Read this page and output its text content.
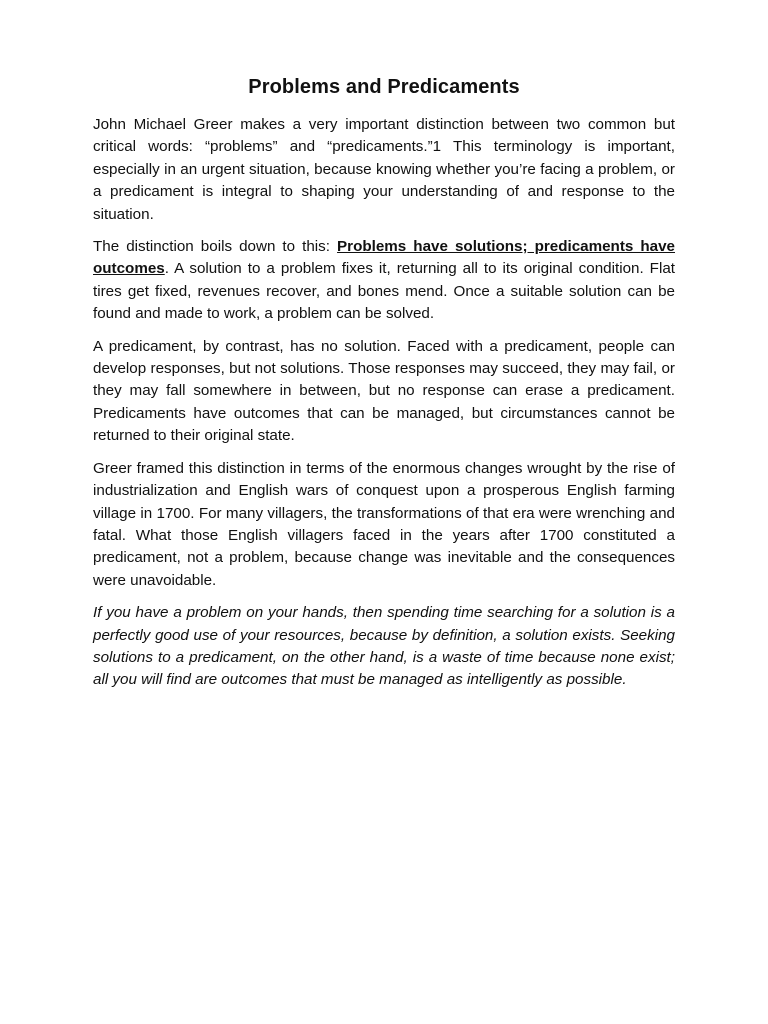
Problems and Predicaments

John Michael Greer makes a very important distinction between two common but critical words: “problems” and “predicaments.”1 This terminology is important, especially in an urgent situation, because knowing whether you’re facing a problem, or a predicament is integral to shaping your understanding of and response to the situation.

The distinction boils down to this: Problems have solutions; predicaments have outcomes. A solution to a problem fixes it, returning all to its original condition. Flat tires get fixed, revenues recover, and bones mend. Once a suitable solution can be found and made to work, a problem can be solved.

A predicament, by contrast, has no solution. Faced with a predicament, people can develop responses, but not solutions. Those responses may succeed, they may fail, or they may fall somewhere in between, but no response can erase a predicament. Predicaments have outcomes that can be managed, but circumstances cannot be returned to their original state.

Greer framed this distinction in terms of the enormous changes wrought by the rise of industrialization and English wars of conquest upon a prosperous English farming village in 1700. For many villagers, the transformations of that era were wrenching and fatal. What those English villagers faced in the years after 1700 constituted a predicament, not a problem, because change was inevitable and the consequences were unavoidable.

If you have a problem on your hands, then spending time searching for a solution is a perfectly good use of your resources, because by definition, a solution exists. Seeking solutions to a predicament, on the other hand, is a waste of time because none exist; all you will find are outcomes that must be managed as intelligently as possible.
